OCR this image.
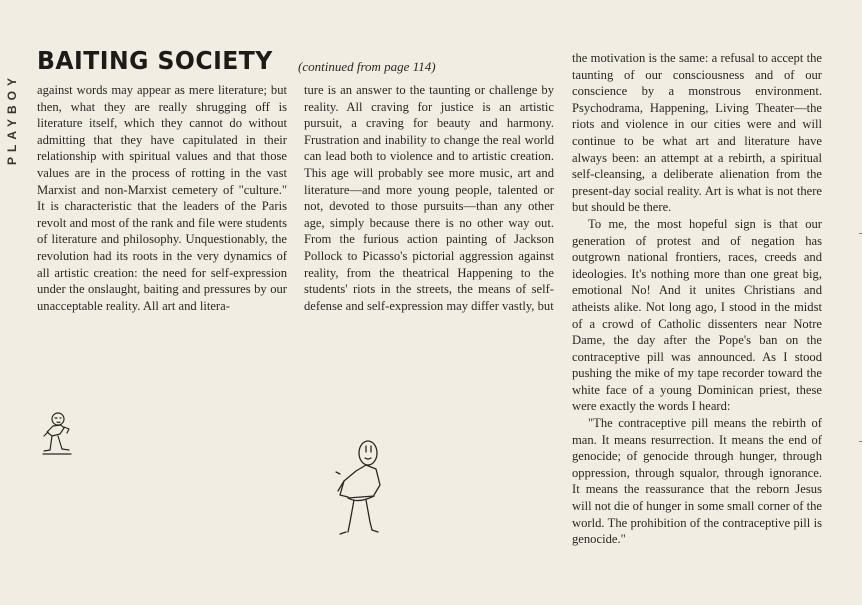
PLAYBOY
BAITING SOCIETY (continued from page 114)

against words may appear as mere literature; but then, what they are really shrugging off is literature itself, which they cannot do without admitting that they have capitulated in their relationship with spiritual values and that those values are in the process of rotting in the vast Marxist and non-Marxist cemetery of "culture." It is characteristic that the leaders of the Paris revolt and most of the rank and file were students of literature and philosophy. Unquestionably, the revolution had its roots in the very dynamics of all artistic creation: the need for self-expression under the onslaught, baiting and pressures by our unacceptable reality. All art and litera-

ture is an answer to the taunting or challenge by reality. All craving for justice is an artistic pursuit, a craving for beauty and harmony. Frustration and inability to change the real world can lead both to violence and to artistic creation. This age will probably see more music, art and literature—and more young people, talented or not, devoted to those pursuits—than any other age, simply because there is no other way out. From the furious action painting of Jackson Pollock to Picasso's pictorial aggression against reality, from the theatrical Happening to the students' riots in the streets, the means of self-defense and self-expression may differ vastly, but

the motivation is the same: a refusal to accept the taunting of our consciousness and of our conscience by a monstrous environment. Psychodrama, Happening, Living Theater—the riots and violence in our cities were and will continue to be what art and literature have always been: an attempt at a rebirth, a spiritual self-cleansing, a deliberate alienation from the present-day social reality. Art is what is not there but should be there.

To me, the most hopeful sign is that our generation of protest and of negation has outgrown national frontiers, races, creeds and ideologies. It's nothing more than one great big, emotional No! And it unites Christians and atheists alike. Not long ago, I stood in the midst of a crowd of Catholic dissenters near Notre Dame, the day after the Pope's ban on the contraceptive pill was announced. As I stood pushing the mike of my tape recorder toward the white face of a young Dominican priest, these were exactly the words I heard:

"The contraceptive pill means the rebirth of man. It means resurrection. It means the end of genocide; of genocide through hunger, through oppression, through squalor, through ignorance. It means the reassurance that the reborn Jesus will not die of hunger in some small corner of the world. The prohibition of the contraceptive pill is genocide."
